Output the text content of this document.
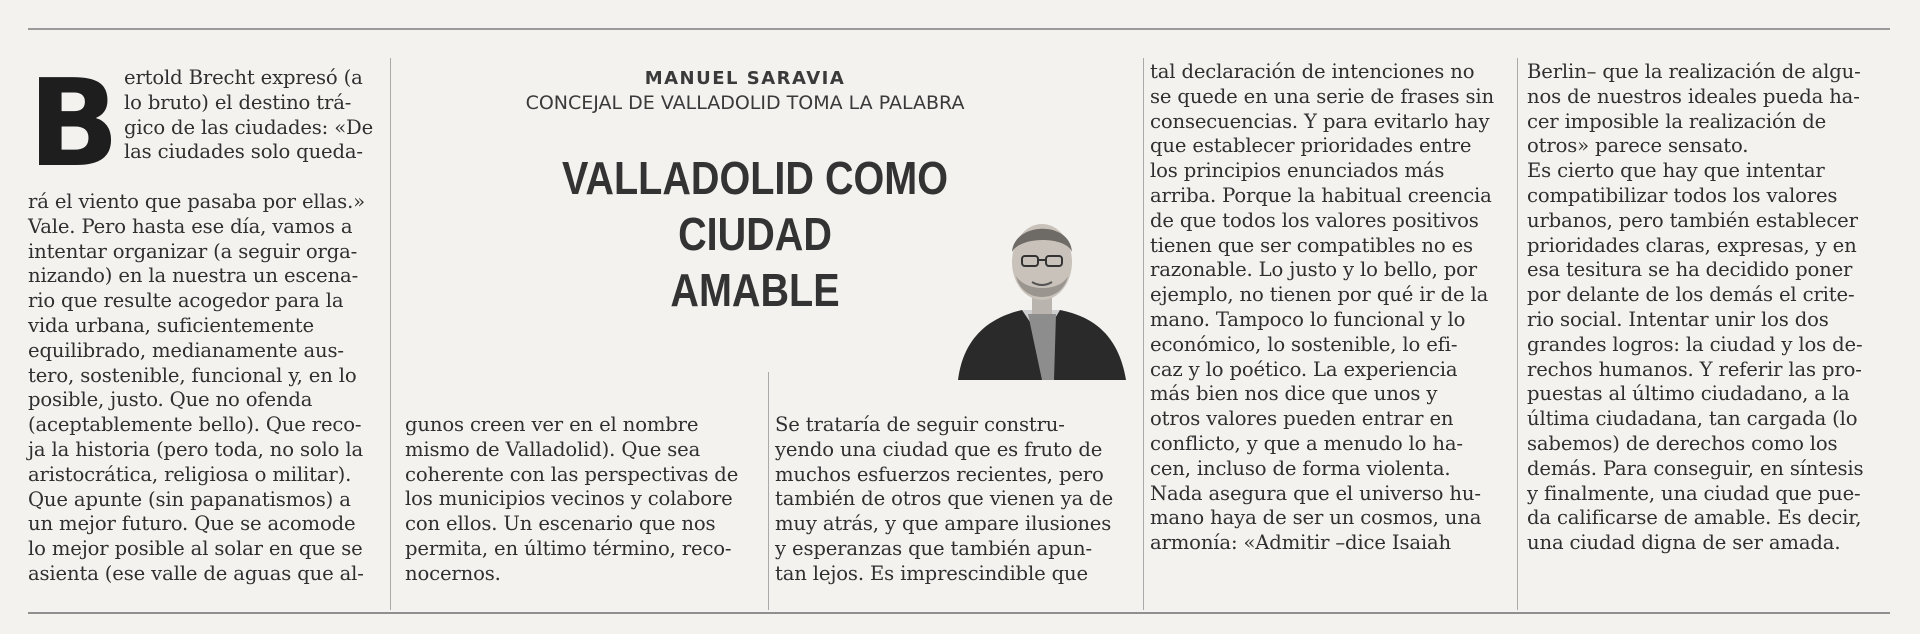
B ertold Brecht expresó (a
lo bruto) el destino trá-
gico de las ciudades: «De
las ciudades solo queda-
rá el viento que pasaba por ellas.»
Vale. Pero hasta ese día, vamos a
intentar organizar (a seguir orga-
nizando) en la nuestra un escena-
rio que resulte acogedor para la
vida urbana, suficientemente
equilibrado, medianamente aus-
tero, sostenible, funcional y, en lo
posible, justo. Que no ofenda
(aceptablemente bello). Que reco-
ja la historia (pero toda, no solo la
aristocrática, religiosa o militar).
Que apunte (sin papanatismos) a
un mejor futuro. Que se acomode
lo mejor posible al solar en que se
asienta (ese valle de aguas que al-
MANUEL SARAVIA
CONCEJAL DE VALLADOLID TOMA LA PALABRA
VALLADOLID COMO CIUDAD
AMABLE
gunos creen ver en el nombre
mismo de Valladolid). Que sea
coherente con las perspectivas de
los municipios vecinos y colabore
con ellos. Un escenario que nos
permita, en último término, reco-
nocernos.
Se trataría de seguir constru-
yendo una ciudad que es fruto de
muchos esfuerzos recientes, pero
también de otros que vienen ya de
muy atrás, y que ampare ilusiones
y esperanzas que también apun-
tan lejos. Es imprescindible que
tal declaración de intenciones no
se quede en una serie de frases sin
consecuencias. Y para evitarlo hay
que establecer prioridades entre
los principios enunciados más
arriba. Porque la habitual creencia
de que todos los valores positivos
tienen que ser compatibles no es
razonable. Lo justo y lo bello, por
ejemplo, no tienen por qué ir de la
mano. Tampoco lo funcional y lo
económico, lo sostenible, lo efi-
caz y lo poético. La experiencia
más bien nos dice que unos y
otros valores pueden entrar en
conflicto, y que a menudo lo ha-
cen, incluso de forma violenta.
Nada asegura que el universo hu-
mano haya de ser un cosmos, una
armonía: «Admitir –dice Isaiah
Berlin– que la realización de algu-
nos de nuestros ideales pueda ha-
cer imposible la realización de
otros» parece sensato.
Es cierto que hay que intentar
compatibilizar todos los valores
urbanos, pero también establecer
prioridades claras, expresas, y en
esa tesitura se ha decidido poner
por delante de los demás el crite-
rio social. Intentar unir los dos
grandes logros: la ciudad y los de-
rechos humanos. Y referir las pro-
puestas al último ciudadano, a la
última ciudadana, tan cargada (lo
sabemos) de derechos como los
demás. Para conseguir, en síntesis
y finalmente, una ciudad que pue-
da calificarse de amable. Es decir,
una ciudad digna de ser amada.
